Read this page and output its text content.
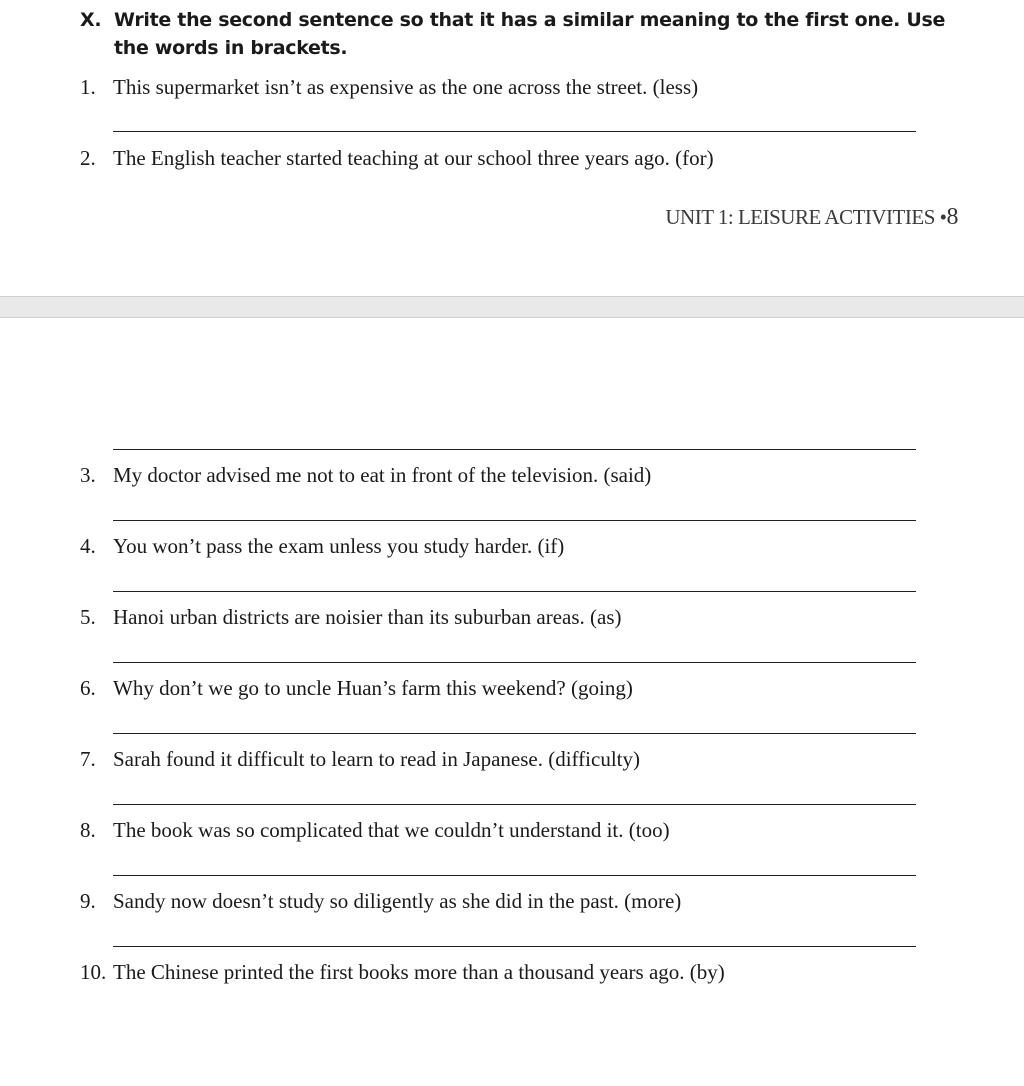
X. Write the second sentence so that it has a similar meaning to the first one. Use the words in brackets.
1. This supermarket isn’t as expensive as the one across the street. (less)
2. The English teacher started teaching at our school three years ago. (for)
UNIT 1: LEISURE ACTIVITIES •8
3. My doctor advised me not to eat in front of the television. (said)
4. You won’t pass the exam unless you study harder. (if)
5. Hanoi urban districts are noisier than its suburban areas. (as)
6. Why don’t we go to uncle Huan’s farm this weekend? (going)
7. Sarah found it difficult to learn to read in Japanese. (difficulty)
8. The book was so complicated that we couldn’t understand it. (too)
9. Sandy now doesn’t study so diligently as she did in the past. (more)
10. The Chinese printed the first books more than a thousand years ago. (by)
